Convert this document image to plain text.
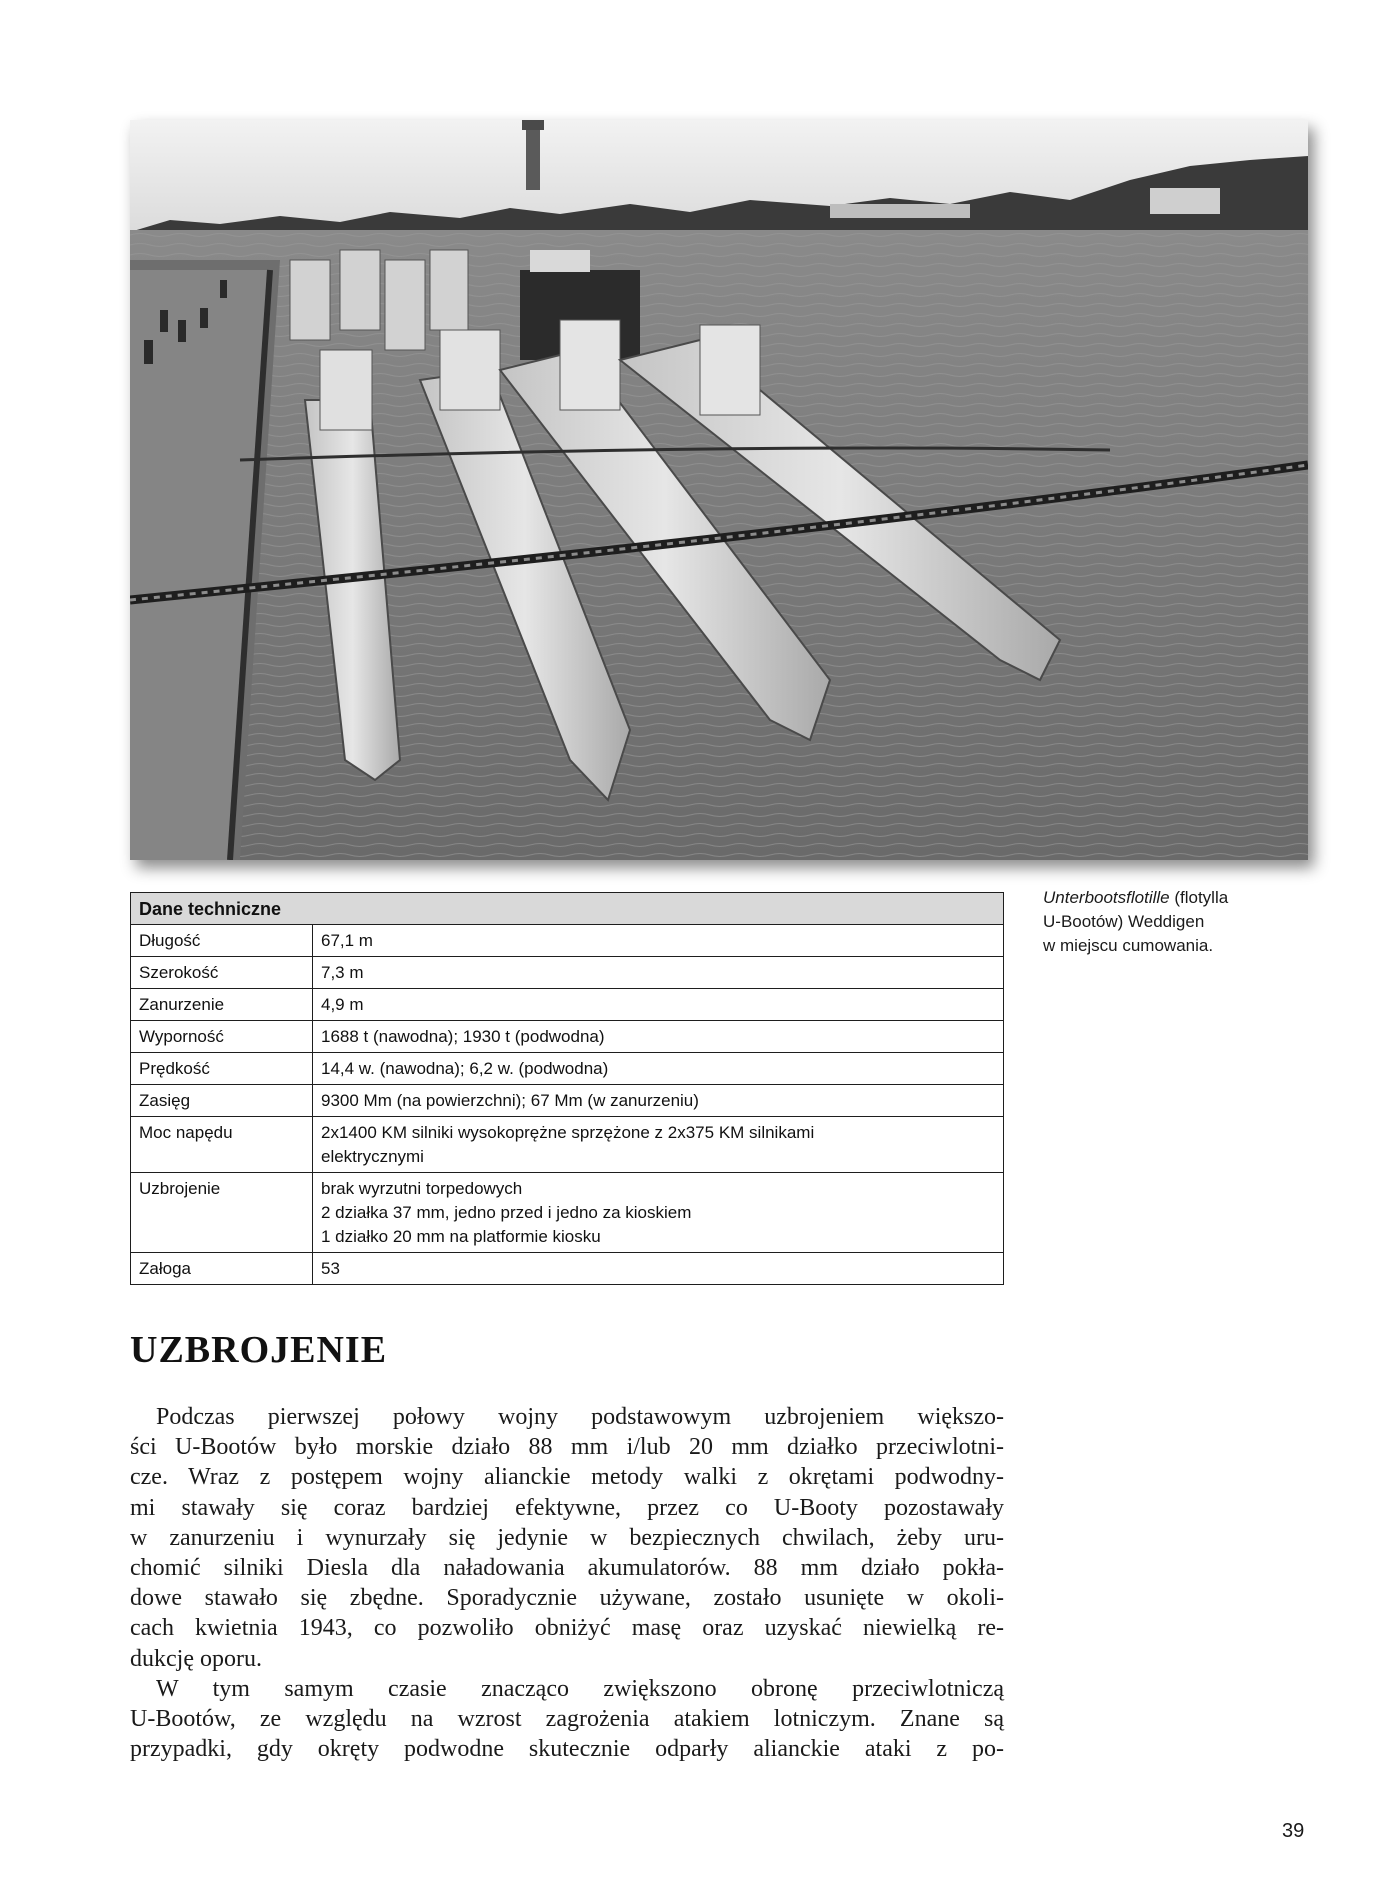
Unterbootsflotille (flotylla
U-Bootów) Weddigen
w miejscu cumowania.
Dane techniczne	
Długość	67,1 m
Szerokość	7,3 m
Zanurzenie	4,9 m
Wyporność	1688 t (nawodna); 1930 t (podwodna)
Prędkość	14,4 w. (nawodna); 6,2 w. (podwodna)
Zasięg	9300 Mm (na powierzchni); 67 Mm (w zanurzeniu)
Moc napędu	2x1400 KM silniki wysokoprężne sprzężone z 2x375 KM silnikami
elektrycznymi
Uzbrojenie	brak wyrzutni torpedowych
2 działka 37 mm, jedno przed i jedno za kioskiem
1 działko 20 mm na platformie kiosku
Załoga	53
UZBROJENIE
Podczas pierwszej połowy wojny podstawowym uzbrojeniem większo-
ści U-Bootów było morskie działo 88 mm i/lub 20 mm działko przeciwlotni-
cze. Wraz z postępem wojny alianckie metody walki z okrętami podwodny-
mi stawały się coraz bardziej efektywne, przez co U-Booty pozostawały
w zanurzeniu i wynurzały się jedynie w bezpiecznych chwilach, żeby uru-
chomić silniki Diesla dla naładowania akumulatorów. 88 mm działo pokła-
dowe stawało się zbędne. Sporadycznie używane, zostało usunięte w okoli-
cach kwietnia 1943, co pozwoliło obniżyć masę oraz uzyskać niewielką re-
dukcję oporu.
W tym samym czasie znacząco zwiększono obronę przeciwlotniczą
U-Bootów, ze względu na wzrost zagrożenia atakiem lotniczym. Znane są
przypadki, gdy okręty podwodne skutecznie odparły alianckie ataki z po-
39
